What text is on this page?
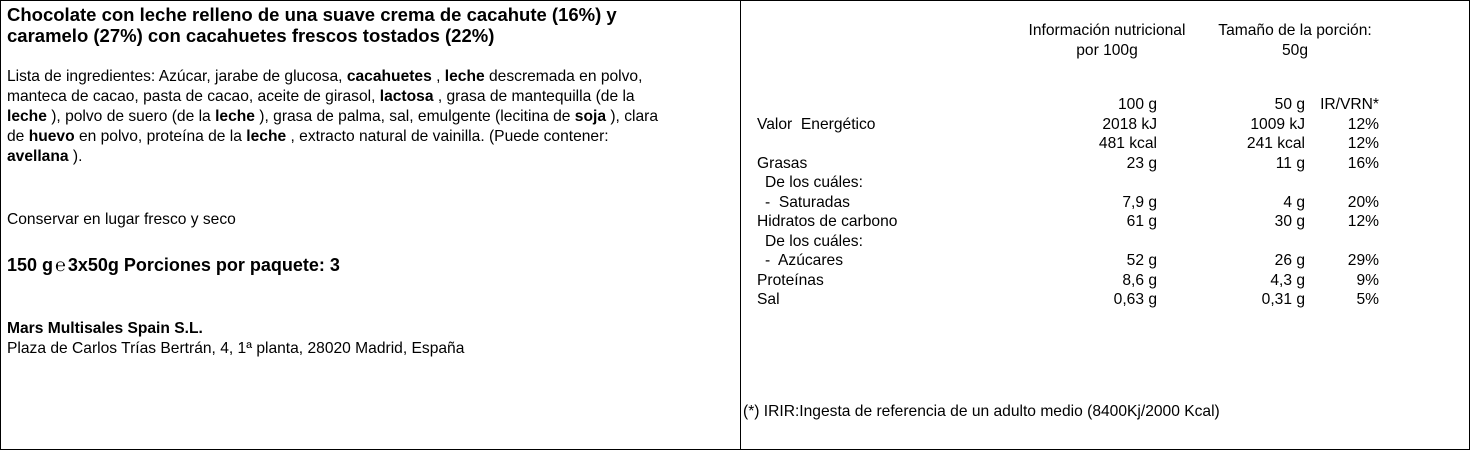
Chocolate con leche relleno de una suave crema de cacahute (16%) y
caramelo (27%) con cacahuetes frescos tostados (22%)
Lista de ingredientes: Azúcar, jarabe de glucosa, cacahuetes , leche descremada en polvo,
manteca de cacao, pasta de cacao, aceite de girasol, lactosa , grasa de mantequilla (de la
leche ), polvo de suero (de la leche ), grasa de palma, sal, emulgente (lecitina de soja ), clara
de huevo en polvo, proteína de la leche , extracto natural de vainilla. (Puede contener:
avellana ).
Conservar en lugar fresco y seco
150 g ℮ 3x50g Porciones por paquete: 3
Mars Multisales Spain S.L.
Plaza de Carlos Trías Bertrán, 4, 1ª planta, 28020 Madrid, España
Información nutricional
por 100g
Tamaño de la porción:
50g
100 g	50 g IR/VRN*
Valor  Energético	2018 kJ	1009 kJ	12%
481 kcal	241 kcal	12%
Grasas	23 g	11 g	16%
De los cuáles:
-  Saturadas	7,9 g	4 g	20%
Hidratos de carbono	61 g	30 g	12%
De los cuáles:
-  Azúcares	52 g	26 g	29%
Proteínas	8,6 g	4,3 g	9%
Sal	0,63 g	0,31 g	5%
(*) IRIR:Ingesta de referencia de un adulto medio (8400Kj/2000 Kcal)
